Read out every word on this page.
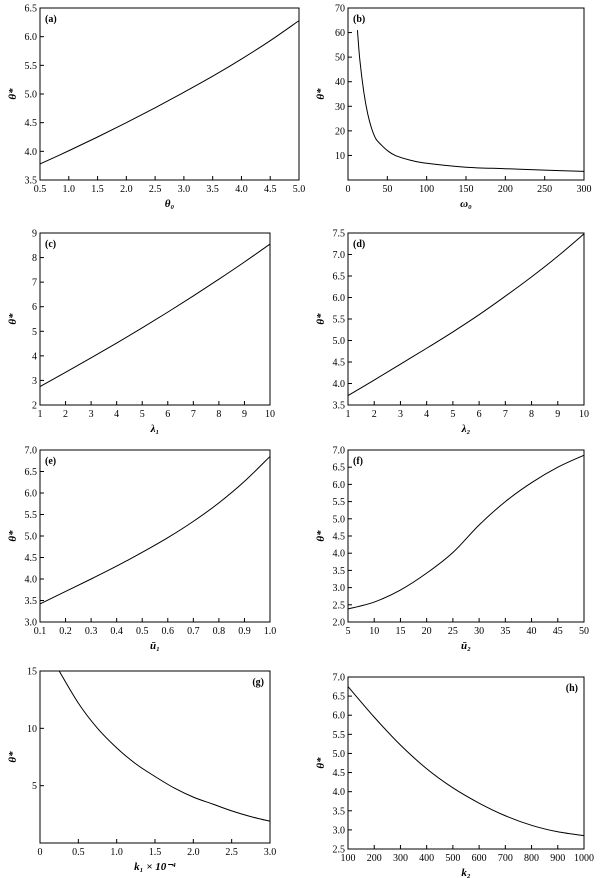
0.5 1.0 1.5 2.0 2.5 3.0 3.5 4.0 4.5 5.0
3.5
4.0
4.5
5.0
5.5
6.0
6.5
(a)
θ₀
θ*
0	50	100 150 200 250 300
10
20
30
40
50
60
70
(b)
ω₀
θ*
1 2 3 4 5 6 7 8 9 10
2
3
4
5
6
7
8
9
(c)
λ₁
θ*
1 2 3 4 5 6 7 8 9 10
3.5
4.0
4.5
5.0
5.5
6.0
6.5
7.0
7.5
(d)
λ₂
θ*
0.1 0.2 0.3 0.4 0.5 0.6 0.7 0.8 0.9 1.0
3.0
3.5
4.0
4.5
5.0
5.5
6.0
6.5
7.0
(e)
ū₁
θ*
5 10 15 20 25 30 35 40 45 50
2.0
2.5
3.0
3.5
4.0
4.5
5.0
5.5
6.0
6.5
7.0
(f)
ū₂
θ*
0	0.5	1.0	1.5	2.0	2.5	3.0
5
10
15
(g)
k₁ × 10⁻⁴
θ*
100 200 300 400 500 600 700 800 900 1000
2.5
3.0
3.5
4.0
4.5
5.0
5.5
6.0
6.5
7.0
(h)
k₂
θ*
